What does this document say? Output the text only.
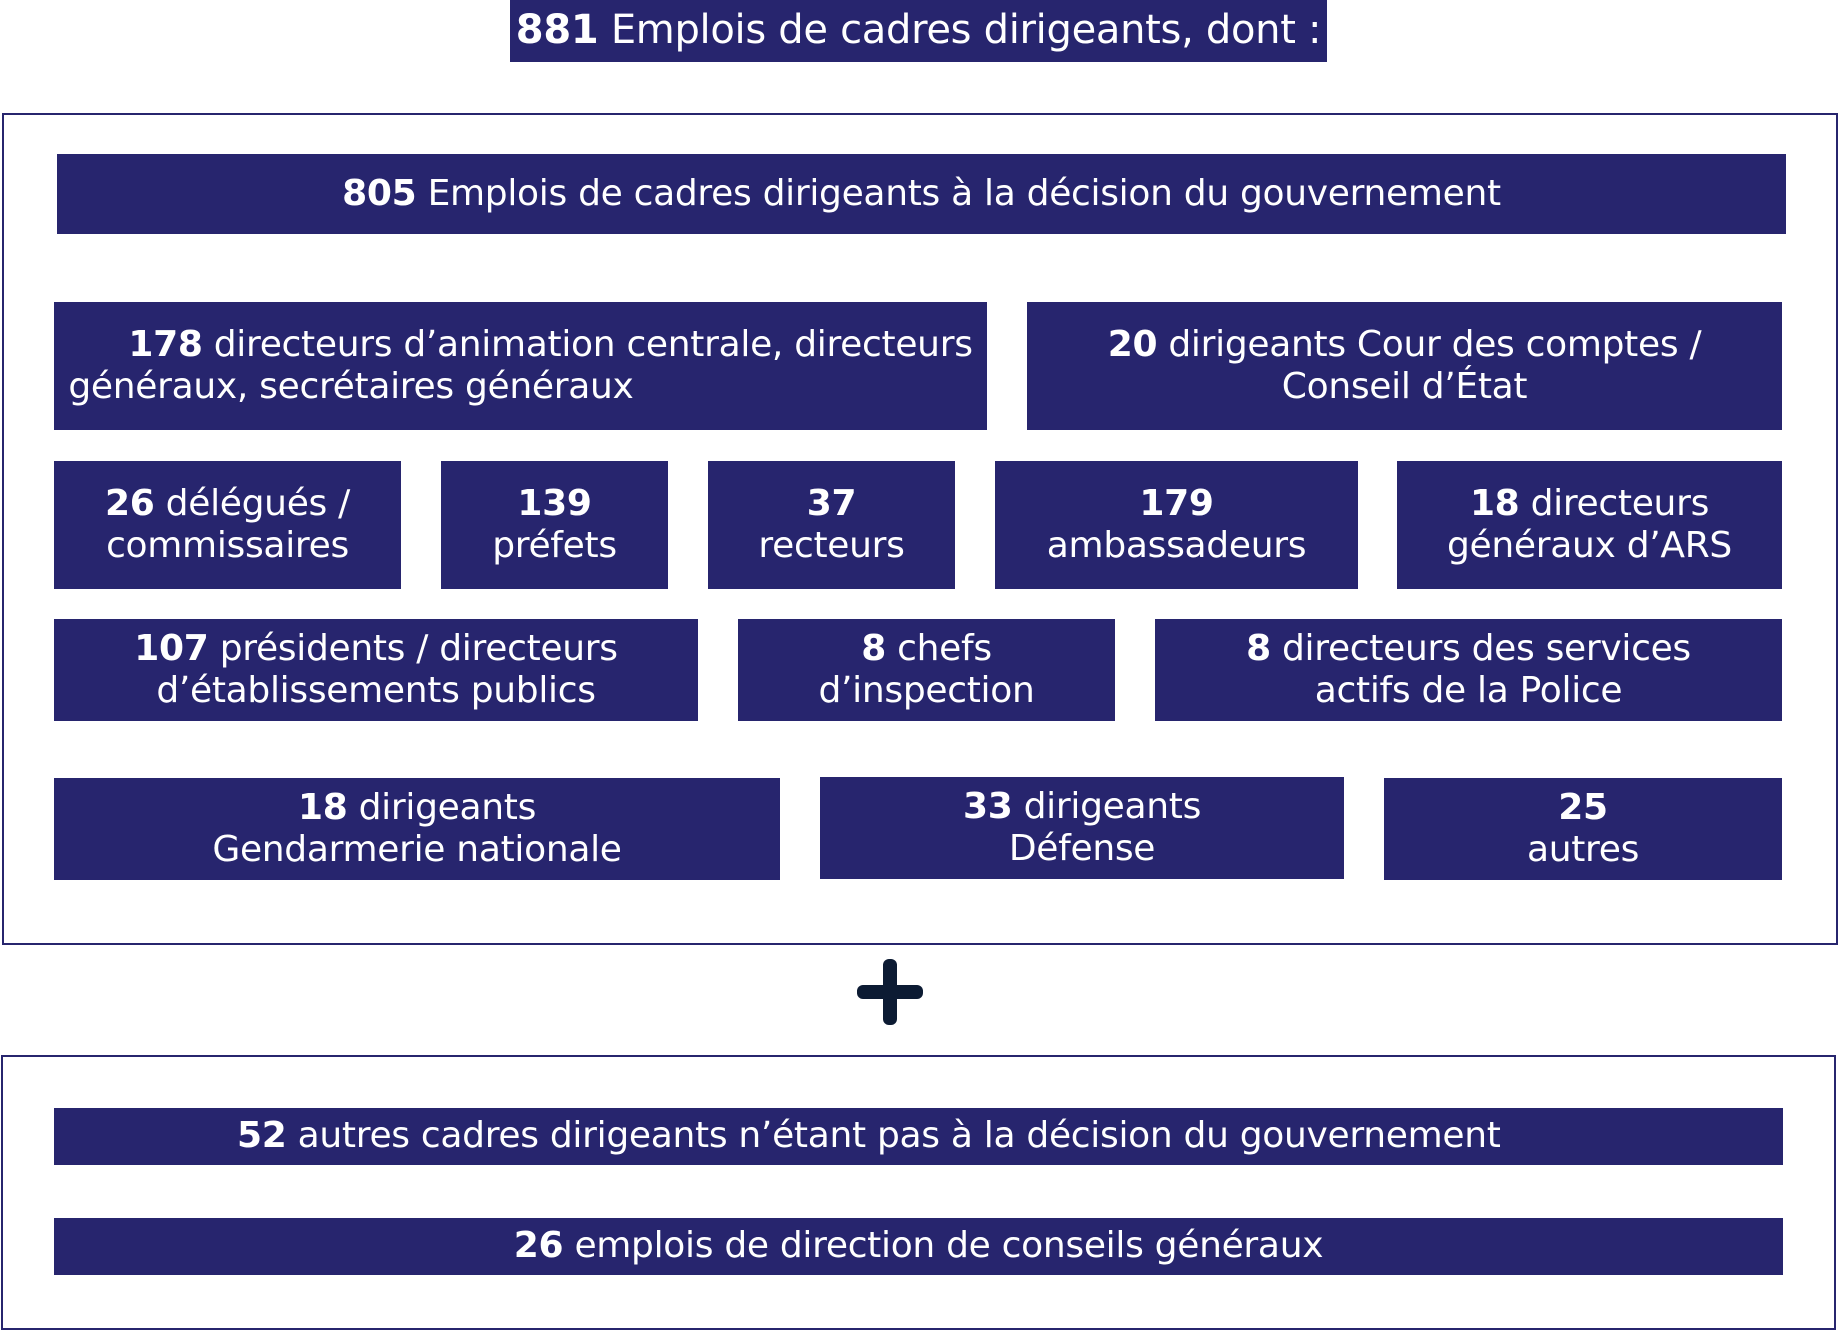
881 Emplois de cadres dirigeants, dont :
805 Emplois de cadres dirigeants à la décision du gouvernement
178 directeurs d’animation centrale, directeurs
généraux, secrétaires généraux
20 dirigeants Cour des comptes /
Conseil d’État
26 délégués /
commissaires
139
préfets
37
recteurs
179
ambassadeurs
18 directeurs
généraux d’ARS
107 présidents / directeurs
d’établissements publics
8 chefs
d’inspection
8 directeurs des services
actifs de la Police
18 dirigeants
Gendarmerie nationale
33 dirigeants
Défense
25
autres
52 autres cadres dirigeants n’étant pas à la décision du gouvernement
26 emplois de direction de conseils généraux
